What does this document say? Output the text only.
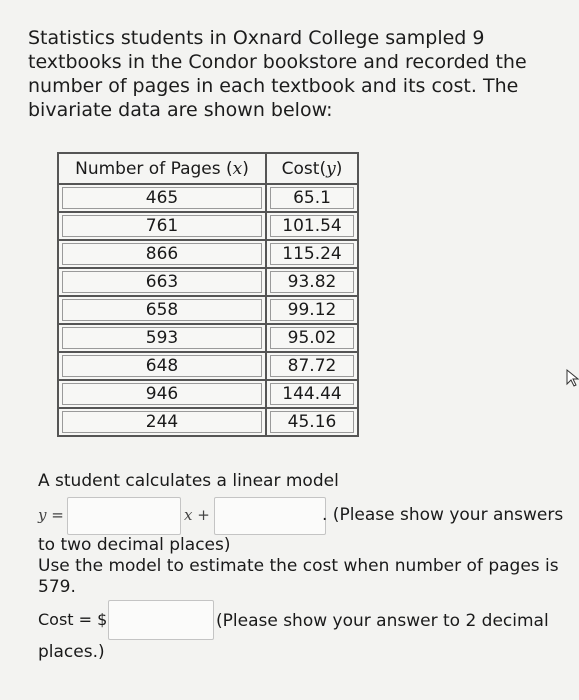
Statistics students in Oxnard College sampled 9 textbooks in the Condor bookstore and recorded the number of pages in each textbook and its cost. The bivariate data are shown below:
Number of Pages (x)	Cost(y)

465	65.1

761	101.54

866	115.24

663	93.82

658	99.12

593	95.02

648	87.72

946	144.44

244	45.16
A student calculates a linear model
y =	x +	. (Please show your answers
to two decimal places)
Use the model to estimate the cost when number of pages is 579.
Cost = $	(Please show your answer to 2 decimal
places.)
